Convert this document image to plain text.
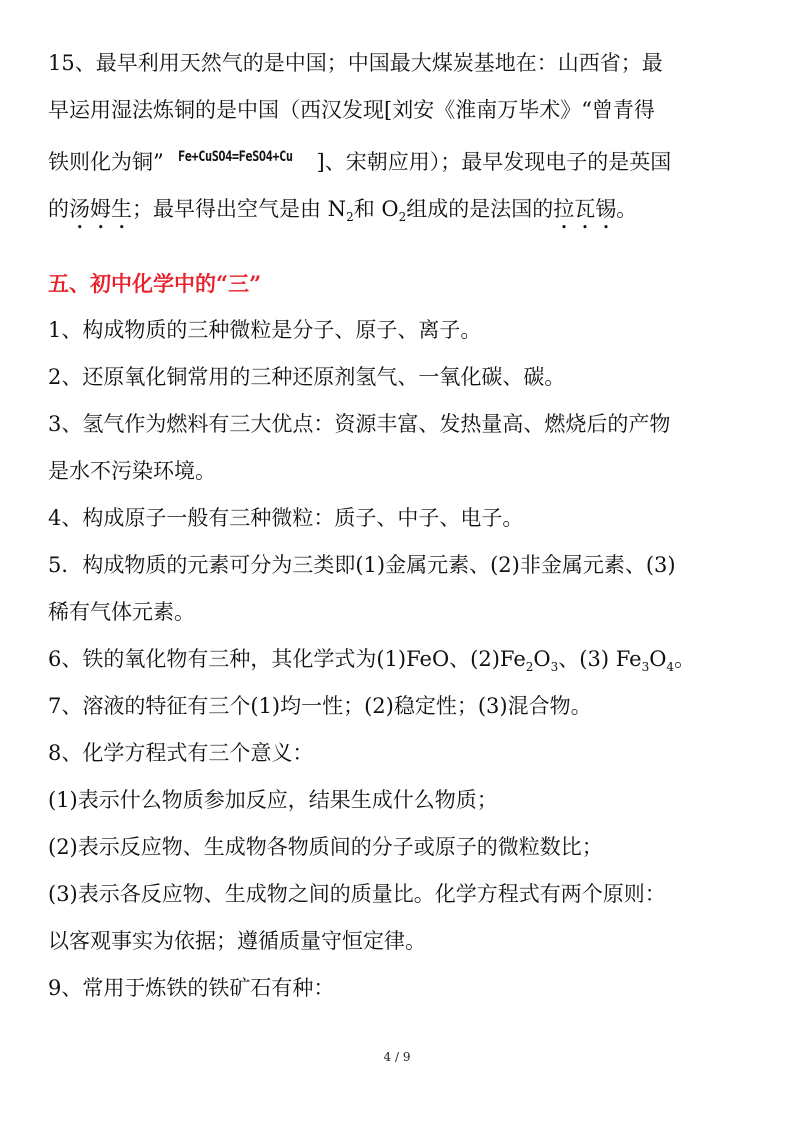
15、最早利用天然气的是中国；中国最大煤炭基地在：山西省；最

早运用湿法炼铜的是中国（西汉发现[刘安《淮南万毕术》“曾青得

铁则化为铜” Fe+CuSO4=FeSO4+Cu ]、宋朝应用）；最早发现电子的是英国

的汤姆生；最早得出空气是由 $N_2$和 $O_2$组成的是法国的拉瓦锡。

五、初中化学中的“三”

1、构成物质的三种微粒是分子、原子、离子。

2、还原氧化铜常用的三种还原剂氢气、一氧化碳、碳。

3、氢气作为燃料有三大优点：资源丰富、发热量高、燃烧后的产物

是水不污染环境。

4、构成原子一般有三种微粒：质子、中子、电子。

5．构成物质的元素可分为三类即(1)金属元素、(2)非金属元素、(3)

稀有气体元素。

6、铁的氧化物有三种，其化学式为(1)FeO、$(2)Fe_2O_3$、(3) $Fe_3O_4$。

7、溶液的特征有三个(1)均一性；(2)稳定性；(3)混合物。

8、化学方程式有三个意义：

(1)表示什么物质参加反应，结果生成什么物质；

(2)表示反应物、生成物各物质间的分子或原子的微粒数比；

(3)表示各反应物、生成物之间的质量比。化学方程式有两个原则：

以客观事实为依据；遵循质量守恒定律。

9、常用于炼铁的铁矿石有种：

4 / 9
